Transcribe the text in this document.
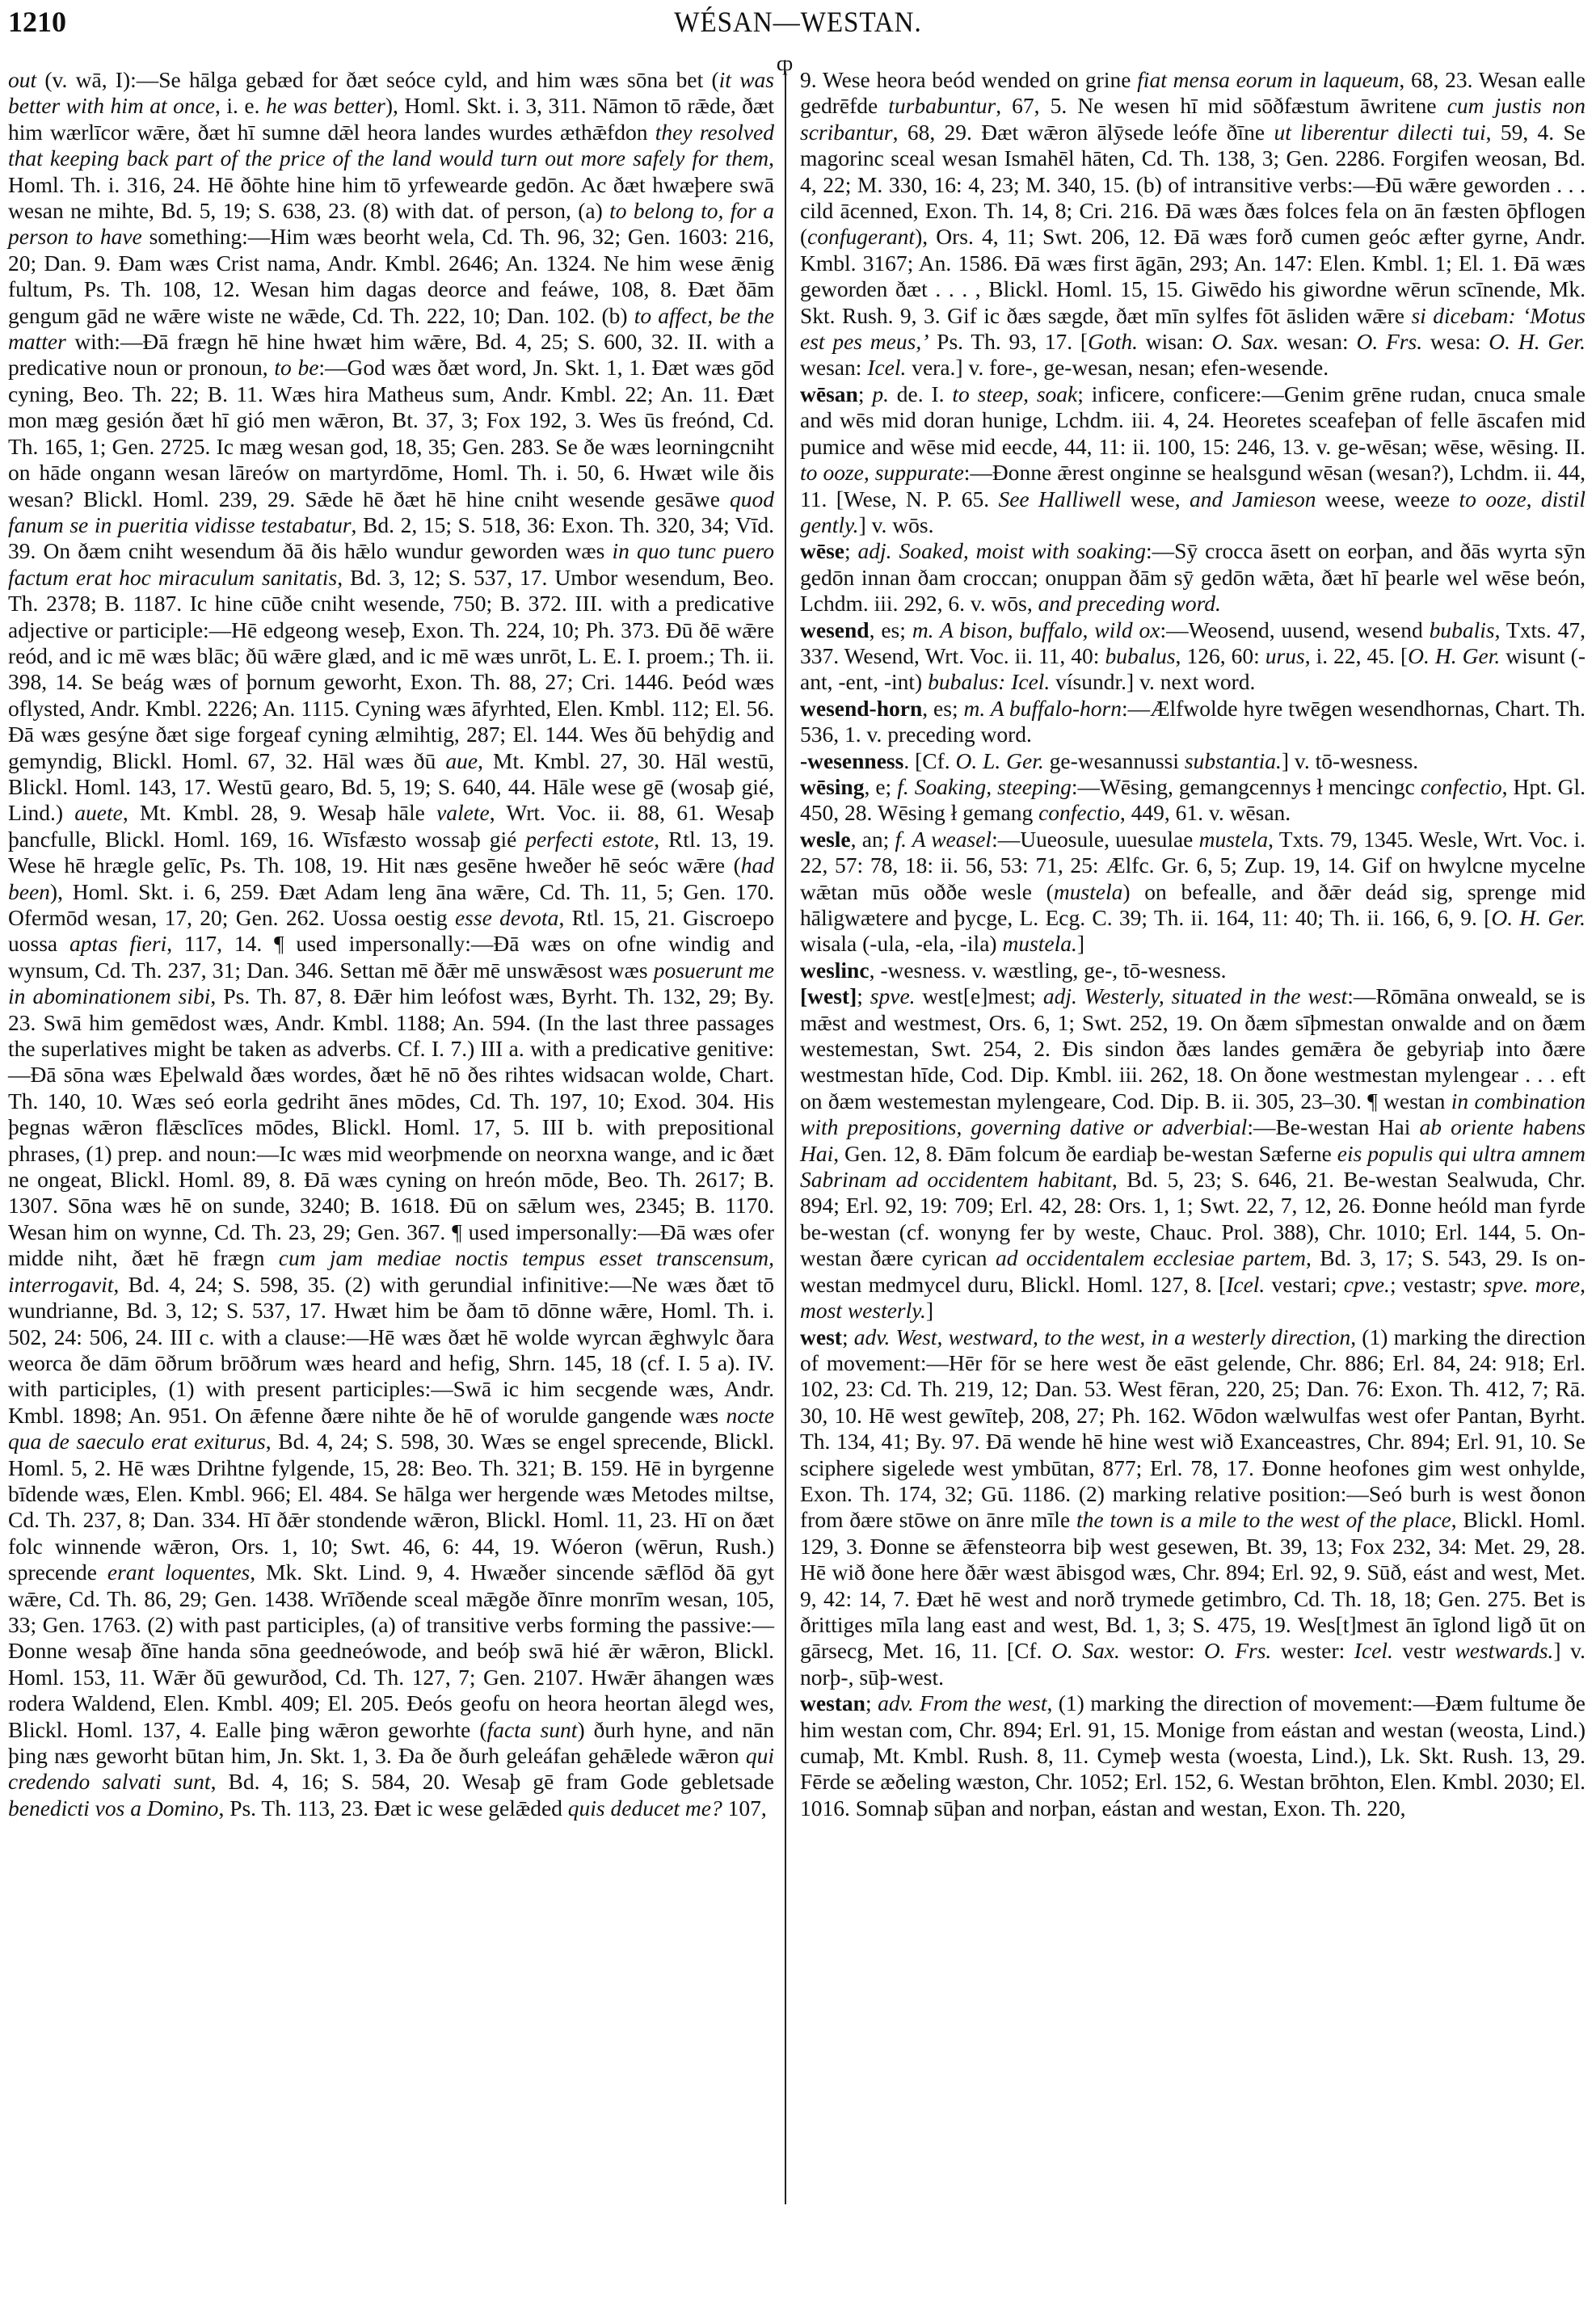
1210	WÉSAN—WESTAN.
ȹ

out (v. wā, I):—Se hālga gebæd for ðæt seóce cyld, and him wæs sōna bet (it was better with him at once, i. e. he was better), Homl. Skt. i. 3, 311. Nāmon tō rǣde, ðæt him wærlīcor wǣre, ðæt hī sumne dǣl heora landes wurdes æthǣfdon they resolved that keeping back part of the price of the land would turn out more safely for them, Homl. Th. i. 316, 24. Hē ðōhte hine him tō yrfewearde gedōn. Ac ðæt hwæþere swā wesan ne mihte, Bd. 5, 19; S. 638, 23. (8) with dat. of person, (a) to belong to, for a person to have something:—Him wæs beorht wela, Cd. Th. 96, 32; Gen. 1603: 216, 20; Dan. 9. Ðam wæs Crist nama, Andr. Kmbl. 2646; An. 1324. Ne him wese ǣnig fultum, Ps. Th. 108, 12. Wesan him dagas deorce and feáwe, 108, 8. Ðæt ðām gengum gād ne wǣre wiste ne wǣde, Cd. Th. 222, 10; Dan. 102. (b) to affect, be the matter with:—Ðā frægn hē hine hwæt him wǣre, Bd. 4, 25; S. 600, 32. II. with a predicative noun or pronoun, to be:—God wæs ðæt word, Jn. Skt. 1, 1. Ðæt wæs gōd cyning, Beo. Th. 22; B. 11. Wæs hira Matheus sum, Andr. Kmbl. 22; An. 11. Ðæt mon mæg gesión ðæt hī gió men wǣron, Bt. 37, 3; Fox 192, 3. Wes ūs freónd, Cd. Th. 165, 1; Gen. 2725. Ic mæg wesan god, 18, 35; Gen. 283. Se ðe wæs leorningcniht on hāde ongann wesan lāreów on martyrdōme, Homl. Th. i. 50, 6. Hwæt wile ðis wesan? Blickl. Homl. 239, 29. Sǣde hē ðæt hē hine cniht wesende gesāwe quod fanum se in pueritia vidisse testabatur, Bd. 2, 15; S. 518, 36: Exon. Th. 320, 34; Vīd. 39. On ðæm cniht wesendum ðā ðis hǣlo wundur geworden wæs in quo tunc puero factum erat hoc miraculum sanitatis, Bd. 3, 12; S. 537, 17. Umbor wesendum, Beo. Th. 2378; B. 1187. Ic hine cūðe cniht wesende, 750; B. 372. III. with a predicative adjective or participle:—Hē edgeong weseþ, Exon. Th. 224, 10; Ph. 373. Ðū ðē wǣre reód, and ic mē wæs blāc; ðū wǣre glæd, and ic mē wæs unrōt, L. E. I. proem.; Th. ii. 398, 14. Se beág wæs of þornum geworht, Exon. Th. 88, 27; Cri. 1446. Þeód wæs oflysted, Andr. Kmbl. 2226; An. 1115. Cyning wæs āfyrhted, Elen. Kmbl. 112; El. 56. Ðā wæs gesýne ðæt sige forgeaf cyning ælmihtig, 287; El. 144. Wes ðū behȳdig and gemyndig, Blickl. Homl. 67, 32. Hāl wæs ðū aue, Mt. Kmbl. 27, 30. Hāl westū, Blickl. Homl. 143, 17. Westū gearo, Bd. 5, 19; S. 640, 44. Hāle wese gē (wosaþ gié, Lind.) auete, Mt. Kmbl. 28, 9. Wesaþ hāle valete, Wrt. Voc. ii. 88, 61. Wesaþ þancfulle, Blickl. Homl. 169, 16. Wīsfæsto wossaþ gié perfecti estote, Rtl. 13, 19. Wese hē hrægle gelīc, Ps. Th. 108, 19. Hit næs gesēne hweðer hē seóc wǣre (had been), Homl. Skt. i. 6, 259. Ðæt Adam leng āna wǣre, Cd. Th. 11, 5; Gen. 170. Ofermōd wesan, 17, 20; Gen. 262. Uossa oestig esse devota, Rtl. 15, 21. Giscroepo uossa aptas fieri, 117, 14. ¶ used impersonally:—Ðā wæs on ofne windig and wynsum, Cd. Th. 237, 31; Dan. 346. Settan mē ðǣr mē unswǣsost wæs posuerunt me in abominationem sibi, Ps. Th. 87, 8. Ðǣr him leófost wæs, Byrht. Th. 132, 29; By. 23. Swā him gemēdost wæs, Andr. Kmbl. 1188; An. 594. (In the last three passages the superlatives might be taken as adverbs. Cf. I. 7.) III a. with a predicative genitive:—Ðā sōna wæs Eþelwald ðæs wordes, ðæt hē nō ðes rihtes widsacan wolde, Chart. Th. 140, 10. Wæs seó eorla gedriht ānes mōdes, Cd. Th. 197, 10; Exod. 304. His þegnas wǣron flǣsclīces mōdes, Blickl. Homl. 17, 5. III b. with prepositional phrases, (1) prep. and noun:—Ic wæs mid weorþmende on neorxna wange, and ic ðæt ne ongeat, Blickl. Homl. 89, 8. Ðā wæs cyning on hreón mōde, Beo. Th. 2617; B. 1307. Sōna wæs hē on sunde, 3240; B. 1618. Ðū on sǣlum wes, 2345; B. 1170. Wesan him on wynne, Cd. Th. 23, 29; Gen. 367. ¶ used impersonally:—Ðā wæs ofer midde niht, ðæt hē frægn cum jam mediae noctis tempus esset transcensum, interrogavit, Bd. 4, 24; S. 598, 35. (2) with gerundial infinitive:—Ne wæs ðæt tō wundrianne, Bd. 3, 12; S. 537, 17. Hwæt him be ðam tō dōnne wǣre, Homl. Th. i. 502, 24: 506, 24. III c. with a clause:—Hē wæs ðæt hē wolde wyrcan ǣghwylc ðara weorca ðe dām ōðrum brōðrum wæs heard and hefig, Shrn. 145, 18 (cf. I. 5 a). IV. with participles, (1) with present participles:—Swā ic him secgende wæs, Andr. Kmbl. 1898; An. 951. On ǣfenne ðære nihte ðe hē of worulde gangende wæs nocte qua de saeculo erat exiturus, Bd. 4, 24; S. 598, 30. Wæs se engel sprecende, Blickl. Homl. 5, 2. Hē wæs Drihtne fylgende, 15, 28: Beo. Th. 321; B. 159. Hē in byrgenne bīdende wæs, Elen. Kmbl. 966; El. 484. Se hālga wer hergende wæs Metodes miltse, Cd. Th. 237, 8; Dan. 334. Hī ðǣr stondende wǣron, Blickl. Homl. 11, 23. Hī on ðæt folc winnende wǣron, Ors. 1, 10; Swt. 46, 6: 44, 19. Wóeron (wērun, Rush.) sprecende erant loquentes, Mk. Skt. Lind. 9, 4. Hwæðer sincende sǣflōd ðā gyt wǣre, Cd. Th. 86, 29; Gen. 1438. Wrīðende sceal mǣgðe ðīnre monrīm wesan, 105, 33; Gen. 1763. (2) with past participles, (a) of transitive verbs forming the passive:—Ðonne wesaþ ðīne handa sōna geedneówode, and beóþ swā hié ǣr wǣron, Blickl. Homl. 153, 11. Wǣr ðū gewurðod, Cd. Th. 127, 7; Gen. 2107. Hwǣr āhangen wæs rodera Waldend, Elen. Kmbl. 409; El. 205. Ðeós geofu on heora heortan ālegd wes, Blickl. Homl. 137, 4. Ealle þing wǣron geworhte (facta sunt) ðurh hyne, and nān þing næs geworht būtan him, Jn. Skt. 1, 3. Ða ðe ðurh geleáfan gehǣlede wǣron qui credendo salvati sunt, Bd. 4, 16; S. 584, 20. Wesaþ gē fram Gode gebletsade benedicti vos a Domino, Ps. Th. 113, 23. Ðæt ic wese gelǣded quis deducet me? 107,

9. Wese heora beód wended on grine fiat mensa eorum in laqueum, 68, 23. Wesan ealle gedrēfde turbabuntur, 67, 5. Ne wesen hī mid sōðfæstum āwritene cum justis non scribantur, 68, 29. Ðæt wǣron ālȳsede leófe ðīne ut liberentur dilecti tui, 59, 4. Se magorinc sceal wesan Ismahēl hāten, Cd. Th. 138, 3; Gen. 2286. Forgifen weosan, Bd. 4, 22; M. 330, 16: 4, 23; M. 340, 15. (b) of intransitive verbs:—Ðū wǣre geworden . . . cild ācenned, Exon. Th. 14, 8; Cri. 216. Ðā wæs ðæs folces fela on ān fæsten ōþflogen (confugerant), Ors. 4, 11; Swt. 206, 12. Ðā wæs forð cumen geóc æfter gyrne, Andr. Kmbl. 3167; An. 1586. Ðā wæs first āgān, 293; An. 147: Elen. Kmbl. 1; El. 1. Ðā wæs geworden ðæt . . . , Blickl. Homl. 15, 15. Giwēdo his giwordne wērun scīnende, Mk. Skt. Rush. 9, 3. Gif ic ðæs sægde, ðæt mīn sylfes fōt āsliden wǣre si dicebam: ‘Motus est pes meus,’ Ps. Th. 93, 17. [Goth. wisan: O. Sax. wesan: O. Frs. wesa: O. H. Ger. wesan: Icel. vera.] v. fore-, ge-wesan, nesan; efen-wesende.

wēsan; p. de. I. to steep, soak; inficere, conficere:—Genim grēne rudan, cnuca smale and wēs mid doran hunige, Lchdm. iii. 4, 24. Heoretes sceafeþan of felle āscafen mid pumice and wēse mid eecde, 44, 11: ii. 100, 15: 246, 13. v. ge-wēsan; wēse, wēsing. II. to ooze, suppurate:—Ðonne ǣrest onginne se healsgund wēsan (wesan?), Lchdm. ii. 44, 11. [Wese, N. P. 65. See Halliwell wese, and Jamieson weese, weeze to ooze, distil gently.] v. wōs.

wēse; adj. Soaked, moist with soaking:—Sȳ crocca āsett on eorþan, and ðās wyrta sȳn gedōn innan ðam croccan; onuppan ðām sȳ gedōn wǣta, ðæt hī þearle wel wēse beón, Lchdm. iii. 292, 6. v. wōs, and preceding word.

wesend, es; m. A bison, buffalo, wild ox:—Weosend, uusend, wesend bubalis, Txts. 47, 337. Wesend, Wrt. Voc. ii. 11, 40: bubalus, 126, 60: urus, i. 22, 45. [O. H. Ger. wisunt (-ant, -ent, -int) bubalus: Icel. vísundr.] v. next word.

wesend-horn, es; m. A buffalo-horn:—Ælfwolde hyre twēgen wesendhornas, Chart. Th. 536, 1. v. preceding word.

-wesenness. [Cf. O. L. Ger. ge-wesannussi substantia.] v. tō-wesness.

wēsing, e; f. Soaking, steeping:—Wēsing, gemangcennys ł mencingc confectio, Hpt. Gl. 450, 28. Wēsing ł gemang confectio, 449, 61. v. wēsan.

wesle, an; f. A weasel:—Uueosule, uuesulae mustela, Txts. 79, 1345. Wesle, Wrt. Voc. i. 22, 57: 78, 18: ii. 56, 53: 71, 25: Ælfc. Gr. 6, 5; Zup. 19, 14. Gif on hwylcne mycelne wǣtan mūs oððe wesle (mustela) on befealle, and ðǣr deád sig, sprenge mid hāligwætere and þycge, L. Ecg. C. 39; Th. ii. 164, 11: 40; Th. ii. 166, 6, 9. [O. H. Ger. wisala (-ula, -ela, -ila) mustela.]

weslinc, -wesness. v. wæstling, ge-, tō-wesness.

[west]; spve. west[e]mest; adj. Westerly, situated in the west:—Rōmāna onweald, se is mǣst and westmest, Ors. 6, 1; Swt. 252, 19. On ðæm sīþmestan onwalde and on ðæm westemestan, Swt. 254, 2. Ðis sindon ðæs landes gemǣra ðe gebyriaþ into ðære westmestan hīde, Cod. Dip. Kmbl. iii. 262, 18. On ðone westmestan mylengear . . . eft on ðæm westemestan mylengeare, Cod. Dip. B. ii. 305, 23–30. ¶ westan in combination with prepositions, governing dative or adverbial:—Be-westan Hai ab oriente habens Hai, Gen. 12, 8. Ðām folcum ðe eardiaþ be-westan Sæferne eis populis qui ultra amnem Sabrinam ad occidentem habitant, Bd. 5, 23; S. 646, 21. Be-westan Sealwuda, Chr. 894; Erl. 92, 19: 709; Erl. 42, 28: Ors. 1, 1; Swt. 22, 7, 12, 26. Ðonne heóld man fyrde be-westan (cf. wonyng fer by weste, Chauc. Prol. 388), Chr. 1010; Erl. 144, 5. On-westan ðære cyrican ad occidentalem ecclesiae partem, Bd. 3, 17; S. 543, 29. Is on-westan medmycel duru, Blickl. Homl. 127, 8. [Icel. vestari; cpve.; vestastr; spve. more, most westerly.]

west; adv. West, westward, to the west, in a westerly direction, (1) marking the direction of movement:—Hēr fōr se here west ðe eāst gelende, Chr. 886; Erl. 84, 24: 918; Erl. 102, 23: Cd. Th. 219, 12; Dan. 53. West fēran, 220, 25; Dan. 76: Exon. Th. 412, 7; Rā. 30, 10. Hē west gewīteþ, 208, 27; Ph. 162. Wōdon wælwulfas west ofer Pantan, Byrht. Th. 134, 41; By. 97. Ðā wende hē hine west wið Exanceastres, Chr. 894; Erl. 91, 10. Se sciphere sigelede west ymbūtan, 877; Erl. 78, 17. Ðonne heofones gim west onhylde, Exon. Th. 174, 32; Gū. 1186. (2) marking relative position:—Seó burh is west ðonon from ðære stōwe on ānre mīle the town is a mile to the west of the place, Blickl. Homl. 129, 3. Ðonne se ǣfensteorra biþ west gesewen, Bt. 39, 13; Fox 232, 34: Met. 29, 28. Hē wið ðone here ðǣr wæst ābisgod wæs, Chr. 894; Erl. 92, 9. Sūð, eást and west, Met. 9, 42: 14, 7. Ðæt hē west and norð trymede getimbro, Cd. Th. 18, 18; Gen. 275. Bet is ðrittiges mīla lang east and west, Bd. 1, 3; S. 475, 19. Wes[t]mest ān īglond ligð ūt on gārsecg, Met. 16, 11. [Cf. O. Sax. westor: O. Frs. wester: Icel. vestr westwards.] v. norþ-, sūþ-west.

westan; adv. From the west, (1) marking the direction of movement:—Ðæm fultume ðe him westan com, Chr. 894; Erl. 91, 15. Monige from eástan and westan (weosta, Lind.) cumaþ, Mt. Kmbl. Rush. 8, 11. Cymeþ westa (woesta, Lind.), Lk. Skt. Rush. 13, 29. Fērde se æðeling wæston, Chr. 1052; Erl. 152, 6. Westan brōhton, Elen. Kmbl. 2030; El. 1016. Somnaþ sūþan and norþan, eástan and westan, Exon. Th. 220,
